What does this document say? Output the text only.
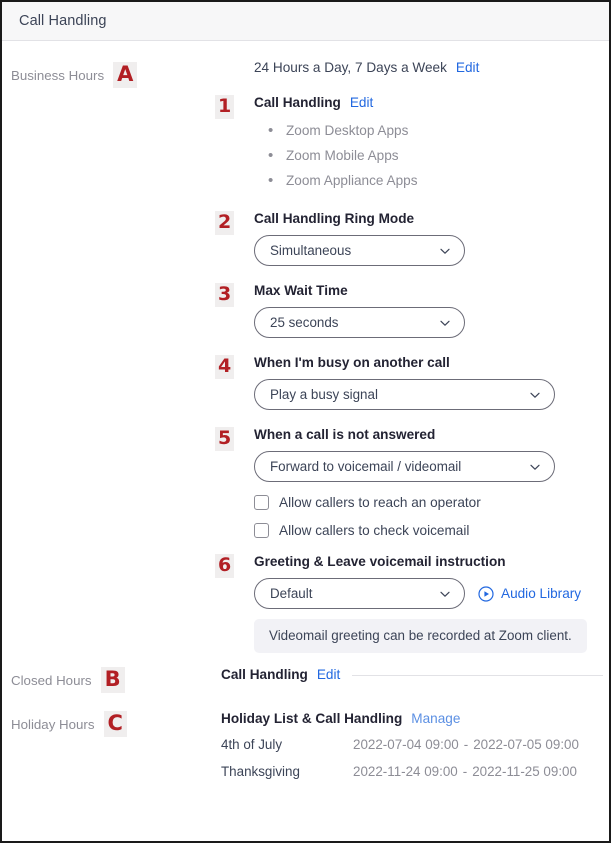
Call Handling
Business Hours A	24 Hours a Day, 7 Days a Week Edit
1 Call Handling Edit
• Zoom Desktop Apps
• Zoom Mobile Apps
• Zoom Appliance Apps
2 Call Handling Ring Mode
Simultaneous
3 Max Wait Time
25 seconds
4 When I'm busy on another call
Play a busy signal
5 When a call is not answered
Forward to voicemail / videomail
Allow callers to reach an operator
Allow callers to check voicemail
6 Greeting & Leave voicemail instruction
Default	Audio Library
Videomail greeting can be recorded at Zoom client.
Closed Hours B	Call Handling Edit
Holiday Hours C	Holiday List & Call Handling Manage
4th of July	2022-07-04 09:00 - 2022-07-05 09:00
Thanksgiving	2022-11-24 09:00 - 2022-11-25 09:00
